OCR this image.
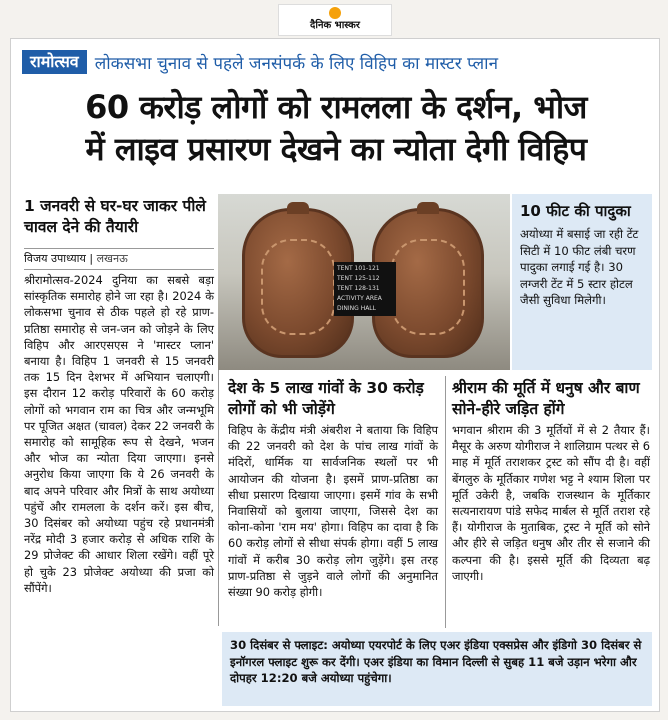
दैनिक भास्कर
रामोत्सव लोकसभा चुनाव से पहले जनसंपर्क के लिए विहिप का मास्टर प्लान
60 करोड़ लोगों को रामलला के दर्शन, भोज
में लाइव प्रसारण देखने का न्योता देगी विहिप
1 जनवरी से घर-घर जाकर पीले चावल देने की तैयारी
विजय उपाध्याय | लखनऊ

श्रीरामोत्सव-2024 दुनिया का सबसे बड़ा सांस्कृतिक समारोह होने जा रहा है। 2024 के लोकसभा चुनाव से ठीक पहले हो रहे प्राण-प्रतिष्ठा समारोह से जन-जन को जोड़ने के लिए विहिप और आरएसएस ने 'मास्टर प्लान' बनाया है। विहिप 1 जनवरी से 15 जनवरी तक 15 दिन देशभर में अभियान चलाएगी। इस दौरान 12 करोड़ परिवारों के 60 करोड़ लोगों को भगवान राम का चित्र और जन्मभूमि पर पूजित अक्षत (चावल) देकर 22 जनवरी के समारोह को सामूहिक रूप से देखने, भजन और भोज का न्योता दिया जाएगा। इनसे अनुरोध किया जाएगा कि ये 26 जनवरी के बाद अपने परिवार और मित्रों के साथ अयोध्या पहुंचें और रामलला के दर्शन करें। इस बीच, 30 दिसंबर को अयोध्या पहुंच रहे प्रधानमंत्री नरेंद्र मोदी 3 हजार करोड़ से अधिक राशि के 29 प्रोजेक्ट की आधार शिला रखेंगे। वहीं पूरे हो चुके 23 प्रोजेक्ट अयोध्या की प्रजा को सौंपेंगे।

TENT 101-121
TENT 125-112
TENT 128-131
ACTIVITY AREA
DINING HALL
10 फीट की पादुका
अयोध्या में बसाई जा रही टेंट सिटी में 10 फीट लंबी चरण पादुका लगाई गई है। 30 लग्जरी टेंट में 5 स्टार होटल जैसी सुविधा मिलेगी।
देश के 5 लाख गांवों के 30 करोड़ लोगों को भी जोड़ेंगे

विहिप के केंद्रीय मंत्री अंबरीश ने बताया कि विहिप की 22 जनवरी को देश के पांच लाख गांवों के मंदिरों, धार्मिक या सार्वजनिक स्थलों पर भी आयोजन की योजना है। इसमें प्राण-प्रतिष्ठा का सीधा प्रसारण दिखाया जाएगा। इसमें गांव के सभी निवासियों को बुलाया जाएगा, जिससे देश का कोना-कोना 'राम मय' होगा। विहिप का दावा है कि 60 करोड़ लोगों से सीधा संपर्क होगा। वहीं 5 लाख गांवों में करीब 30 करोड़ लोग जुड़ेंगे। इस तरह प्राण-प्रतिष्ठा से जुड़ने वाले लोगों की अनुमानित संख्या 90 करोड़ होगी।

श्रीराम की मूर्ति में धनुष और बाण सोने-हीरे जड़ित होंगे

भगवान श्रीराम की 3 मूर्तियों में से 2 तैयार हैं। मैसूर के अरुण योगीराज ने शालिग्राम पत्थर से 6 माह में मूर्ति तराशकर ट्रस्ट को सौंप दी है। वहीं बेंगलुरु के मूर्तिकार गणेश भट्ट ने श्याम शिला पर मूर्ति उकेरी है, जबकि राजस्थान के मूर्तिकार सत्यनारायण पांडे सफेद मार्बल से मूर्ति तराश रहे हैं। योगीराज के मुताबिक, ट्रस्ट ने मूर्ति को सोने और हीरे से जड़ित धनुष और तीर से सजाने की कल्पना की है। इससे मूर्ति की दिव्यता बढ़ जाएगी।

30 दिसंबर से फ्लाइट: अयोध्या एयरपोर्ट के लिए एअर इंडिया एक्सप्रेस और इंडिगो 30 दिसंबर से इनॉगरल फ्लाइट शुरू कर देंगी। एअर इंडिया का विमान दिल्ली से सुबह 11 बजे उड़ान भरेगा और दोपहर 12:20 बजे अयोध्या पहुंचेगा।
